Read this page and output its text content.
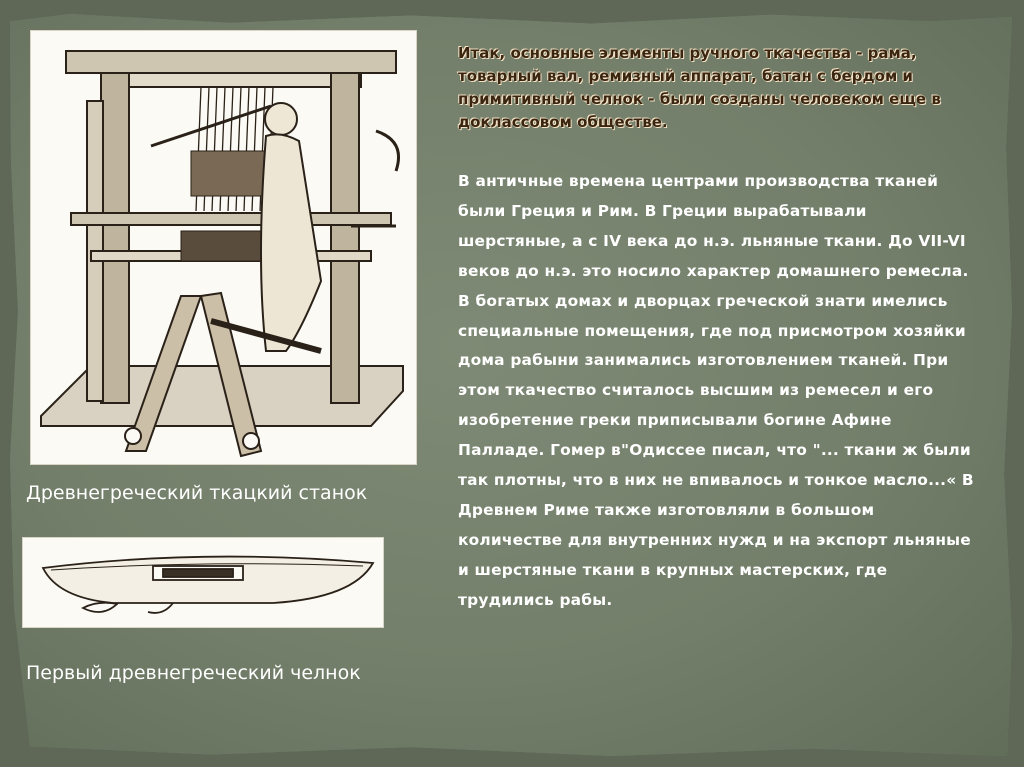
Древнегреческий ткацкий станок

Первый древнегреческий челнок

Итак, основные элементы ручного ткачества - рама, товарный вал, ремизный аппарат, батан с бердом и примитивный челнок - были созданы человеком еще в доклассовом обществе.

В античные времена центрами производства тканей были Греция и Рим. В Греции вырабатывали шерстяные, а с IV века до н.э. льняные ткани. До VII-VI веков до н.э. это носило характер домашнего ремесла. В богатых домах и дворцах греческой знати имелись специальные помещения, где под присмотром хозяйки дома рабыни занимались изготовлением тканей. При этом ткачество считалось высшим из ремесел и его изобретение греки приписывали богине Афине Палладе. Гомер в"Одиссее писал, что "... ткани ж были так плотны, что в них не впивалось и тонкое масло...« В Древнем Риме также изготовляли в большом количестве для внутренних нужд и на экспорт льняные и шерстяные ткани в крупных мастерских, где трудились рабы.
